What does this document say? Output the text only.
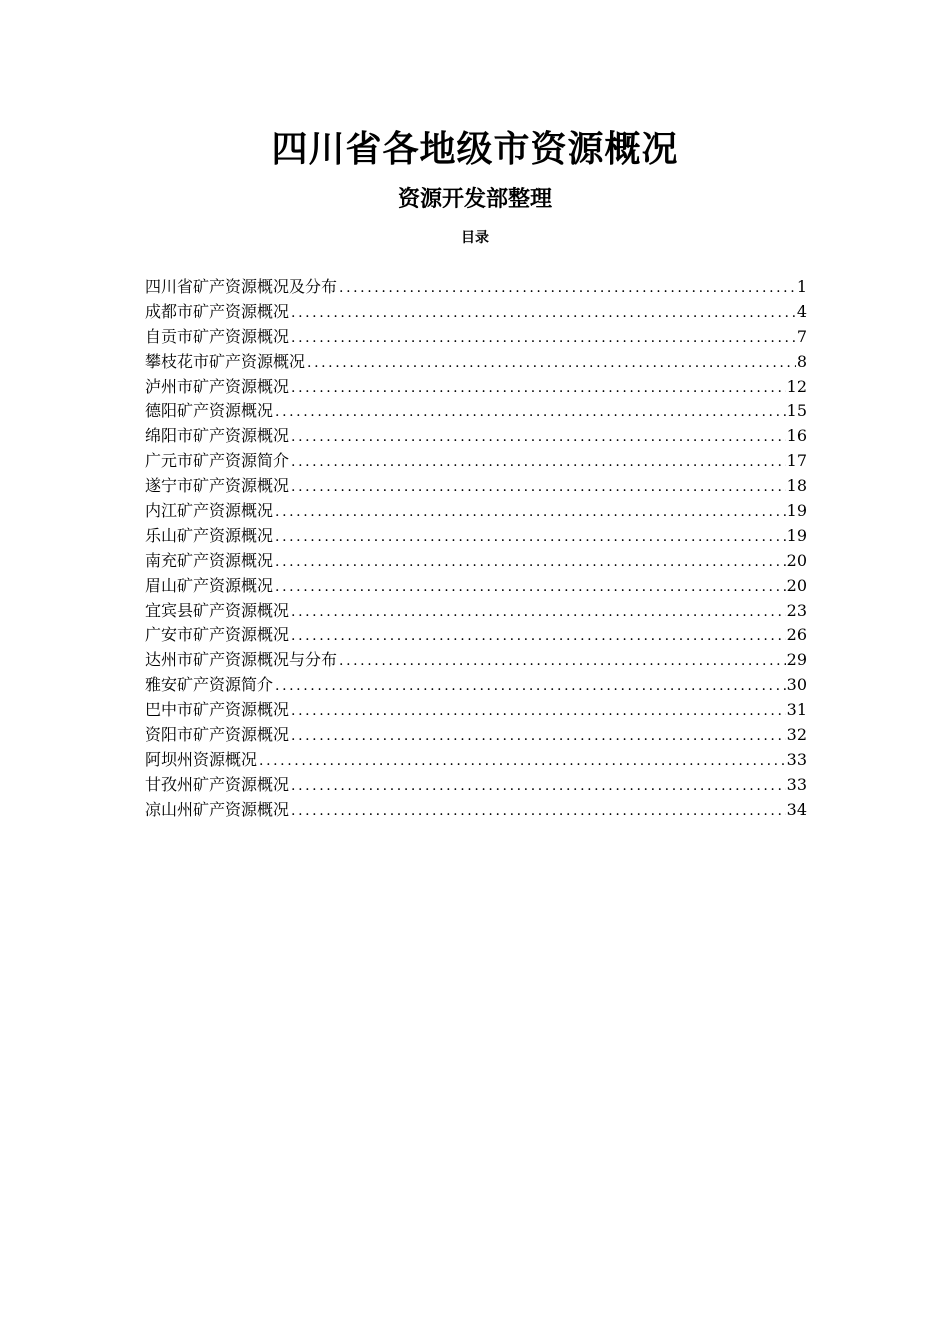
四川省各地级市资源概况
资源开发部整理
目录
四川省矿产资源概况及分布 .....	1
成都市矿产资源概况 .....	4
自贡市矿产资源概况 .....	7
攀枝花市矿产资源概况 .....	8
泸州市矿产资源概况 .....	12
德阳矿产资源概况 .....	15
绵阳市矿产资源概况 .....	16
广元市矿产资源简介 .....	17
遂宁市矿产资源概况 .....	18
内江矿产资源概况 .....	19
乐山矿产资源概况 .....	19
南充矿产资源概况 .....	20
眉山矿产资源概况 .....	20
宜宾县矿产资源概况 .....	23
广安市矿产资源概况 .....	26
达州市矿产资源概况与分布 .....	29
雅安矿产资源简介 .....	30
巴中市矿产资源概况 .....	31
资阳市矿产资源概况 .....	32
阿坝州资源概况 .....	33
甘孜州矿产资源概况 .....	33
凉山州矿产资源概况 .....	34
